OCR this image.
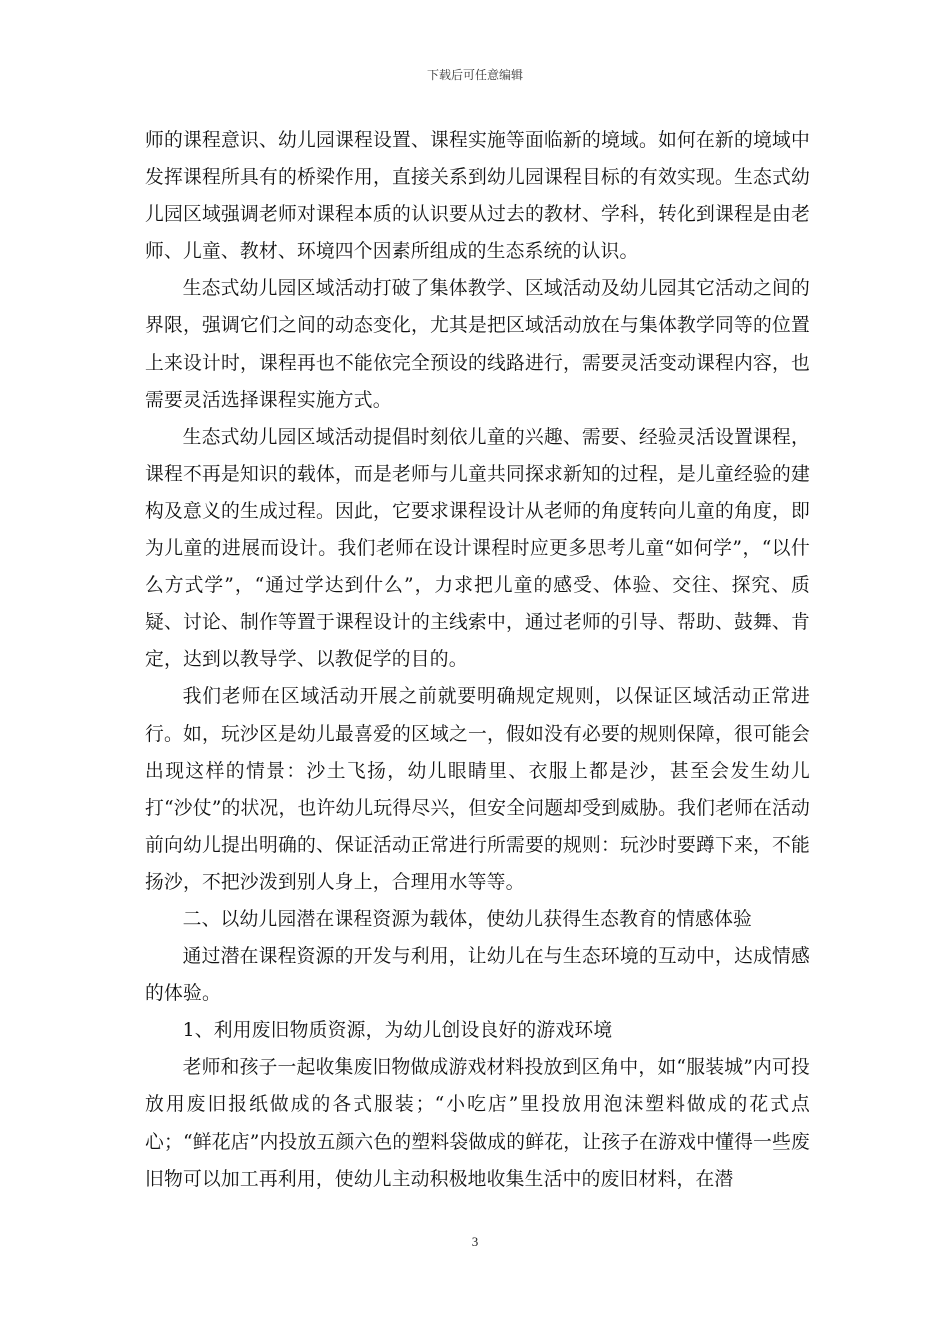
下载后可任意编辑

师的课程意识、幼儿园课程设置、课程实施等面临新的境域。如何在新的境域中发挥课程所具有的桥梁作用，直接关系到幼儿园课程目标的有效实现。生态式幼儿园区域强调老师对课程本质的认识要从过去的教材、学科，转化到课程是由老师、儿童、教材、环境四个因素所组成的生态系统的认识。

生态式幼儿园区域活动打破了集体教学、区域活动及幼儿园其它活动之间的界限，强调它们之间的动态变化，尤其是把区域活动放在与集体教学同等的位置上来设计时，课程再也不能依完全预设的线路进行，需要灵活变动课程内容，也需要灵活选择课程实施方式。

生态式幼儿园区域活动提倡时刻依儿童的兴趣、需要、经验灵活设置课程，课程不再是知识的载体，而是老师与儿童共同探求新知的过程，是儿童经验的建构及意义的生成过程。因此，它要求课程设计从老师的角度转向儿童的角度，即为儿童的进展而设计。我们老师在设计课程时应更多思考儿童“如何学”，“以什么方式学”，“通过学达到什么”，力求把儿童的感受、体验、交往、探究、质疑、讨论、制作等置于课程设计的主线索中，通过老师的引导、帮助、鼓舞、肯定，达到以教导学、以教促学的目的。

我们老师在区域活动开展之前就要明确规定规则，以保证区域活动正常进行。如，玩沙区是幼儿最喜爱的区域之一，假如没有必要的规则保障，很可能会出现这样的情景：沙土飞扬，幼儿眼睛里、衣服上都是沙，甚至会发生幼儿打“沙仗”的状况，也许幼儿玩得尽兴，但安全问题却受到威胁。我们老师在活动前向幼儿提出明确的、保证活动正常进行所需要的规则：玩沙时要蹲下来，不能扬沙，不把沙泼到别人身上，合理用水等等。

二、以幼儿园潜在课程资源为载体，使幼儿获得生态教育的情感体验

通过潜在课程资源的开发与利用，让幼儿在与生态环境的互动中，达成情感的体验。

1、利用废旧物质资源，为幼儿创设良好的游戏环境

老师和孩子一起收集废旧物做成游戏材料投放到区角中，如“服装城”内可投放用废旧报纸做成的各式服装；“小吃店”里投放用泡沫塑料做成的花式点心；“鲜花店”内投放五颜六色的塑料袋做成的鲜花，让孩子在游戏中懂得一些废旧物可以加工再利用，使幼儿主动积极地收集生活中的废旧材料，在潜

3
